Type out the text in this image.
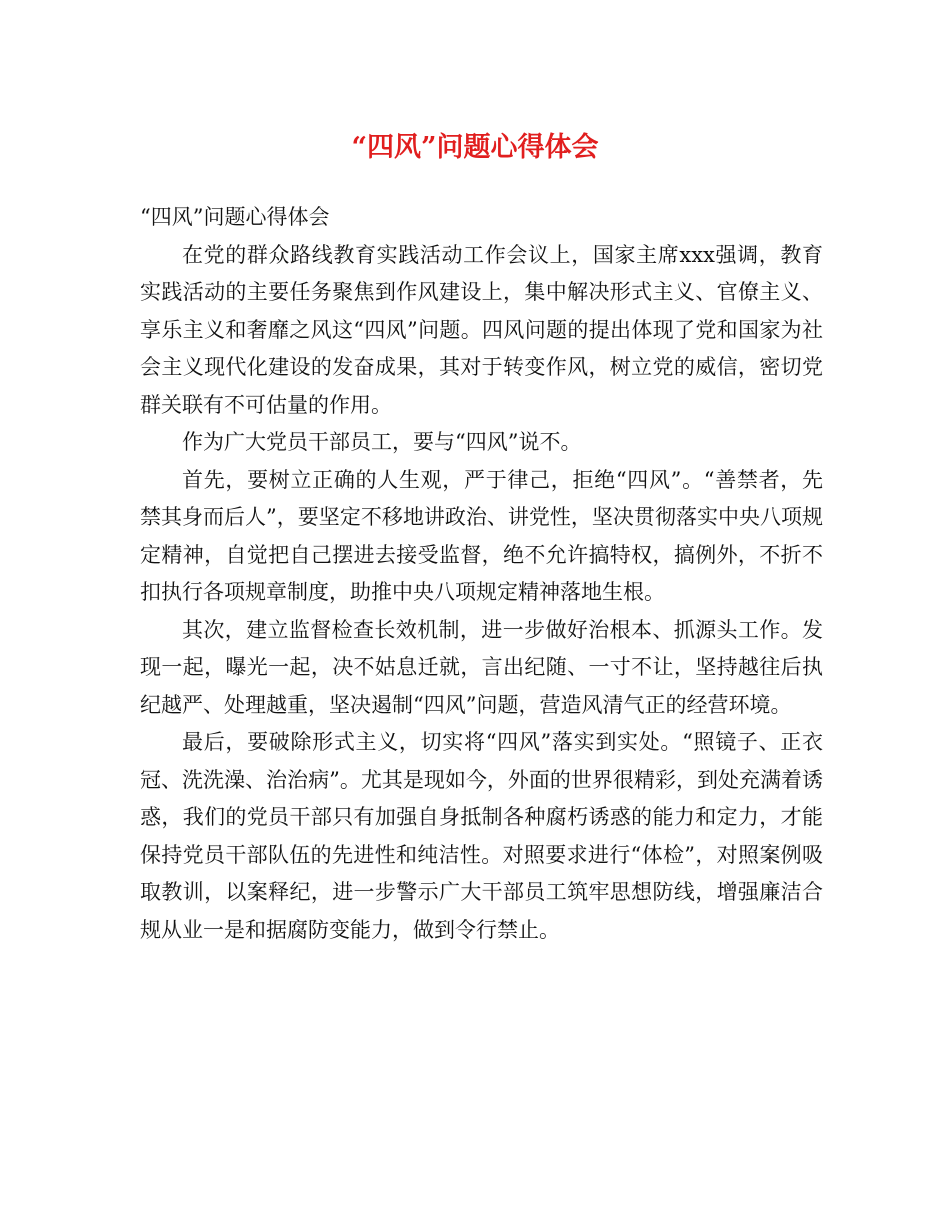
“四风”问题心得体会

“四风”问题心得体会

在党的群众路线教育实践活动工作会议上，国家主席xxx强调，教育实践活动的主要任务聚焦到作风建设上，集中解决形式主义、官僚主义、享乐主义和奢靡之风这“四风”问题。四风问题的提出体现了党和国家为社会主义现代化建设的发奋成果，其对于转变作风，树立党的威信，密切党群关联有不可估量的作用。

作为广大党员干部员工，要与“四风”说不。

首先，要树立正确的人生观，严于律己，拒绝“四风”。“善禁者，先禁其身而后人”，要坚定不移地讲政治、讲党性，坚决贯彻落实中央八项规定精神，自觉把自己摆进去接受监督，绝不允许搞特权，搞例外，不折不扣执行各项规章制度，助推中央八项规定精神落地生根。

其次，建立监督检查长效机制，进一步做好治根本、抓源头工作。发现一起，曝光一起，决不姑息迁就，言出纪随、一寸不让，坚持越往后执纪越严、处理越重，坚决遏制“四风”问题，营造风清气正的经营环境。

最后，要破除形式主义，切实将“四风”落实到实处。“照镜子、正衣冠、洗洗澡、治治病”。尤其是现如今，外面的世界很精彩，到处充满着诱惑，我们的党员干部只有加强自身抵制各种腐朽诱惑的能力和定力，才能保持党员干部队伍的先进性和纯洁性。对照要求进行“体检”，对照案例吸取教训，以案释纪，进一步警示广大干部员工筑牢思想防线，增强廉洁合规从业一是和据腐防变能力，做到令行禁止。
